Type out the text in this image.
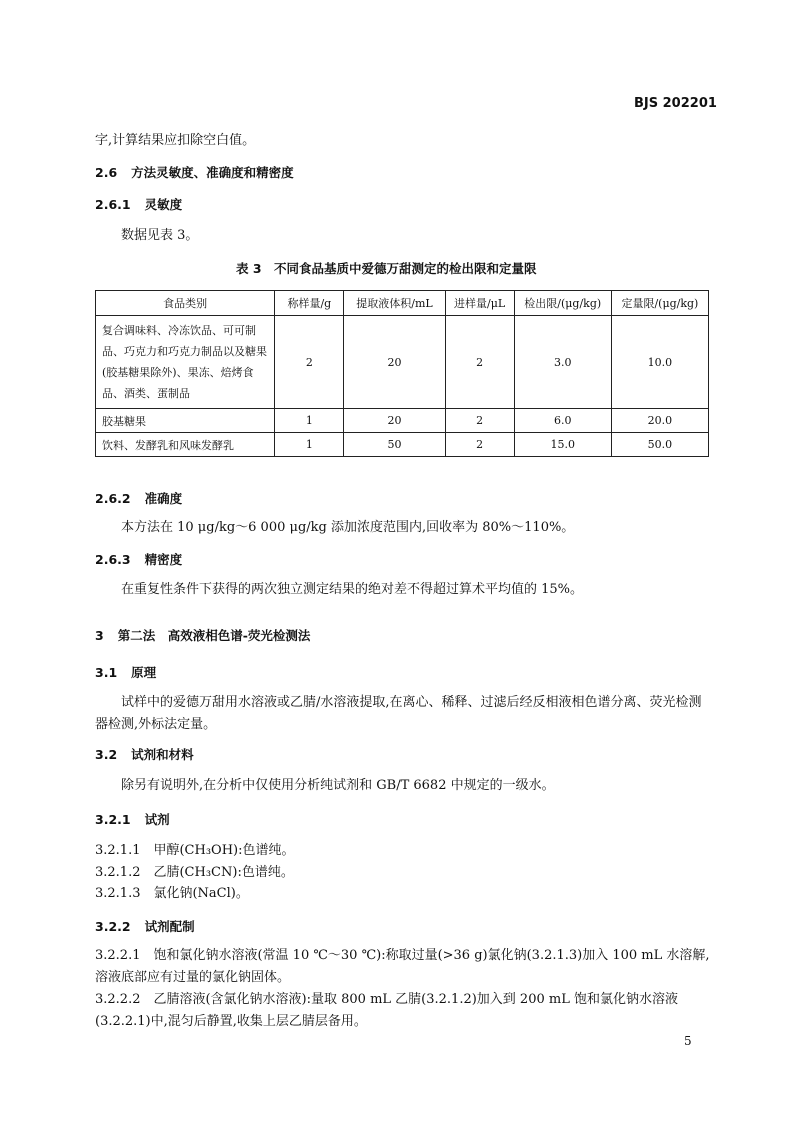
BJS 202201
字,计算结果应扣除空白值。
2.6 方法灵敏度、准确度和精密度
2.6.1 灵敏度
数据见表 3。
表 3　不同食品基质中爱德万甜测定的检出限和定量限
食品类别	称样量/g	提取液体积/mL	进样量/μL	检出限/(μg/kg)	定量限/(μg/kg)
复合调味料、冷冻饮品、可可制品、巧克力和巧克力制品以及糖果(胶基糖果除外)、果冻、焙烤食品、酒类、蛋制品	2	20	2	3.0	10.0
胶基糖果	1	20	2	6.0	20.0
饮料、发酵乳和风味发酵乳	1	50	2	15.0	50.0
2.6.2 准确度
本方法在 10 μg/kg～6 000 μg/kg 添加浓度范围内,回收率为 80%～110%。
2.6.3 精密度
在重复性条件下获得的两次独立测定结果的绝对差不得超过算术平均值的 15%。
3 第二法　高效液相色谱-荧光检测法
3.1 原理
试样中的爱德万甜用水溶液或乙腈/水溶液提取,在离心、稀释、过滤后经反相液相色谱分离、荧光检测器检测,外标法定量。
3.2 试剂和材料
除另有说明外,在分析中仅使用分析纯试剂和 GB/T 6682 中规定的一级水。
3.2.1 试剂
3.2.1.1　甲醇(CH₃OH):色谱纯。
3.2.1.2　乙腈(CH₃CN):色谱纯。
3.2.1.3　氯化钠(NaCl)。
3.2.2 试剂配制
3.2.2.1　饱和氯化钠水溶液(常温 10 ℃～30 ℃):称取过量(>36 g)氯化钠(3.2.1.3)加入 100 mL 水溶解,溶液底部应有过量的氯化钠固体。
3.2.2.2　乙腈溶液(含氯化钠水溶液):量取 800 mL 乙腈(3.2.1.2)加入到 200 mL 饱和氯化钠水溶液(3.2.2.1)中,混匀后静置,收集上层乙腈层备用。
5
